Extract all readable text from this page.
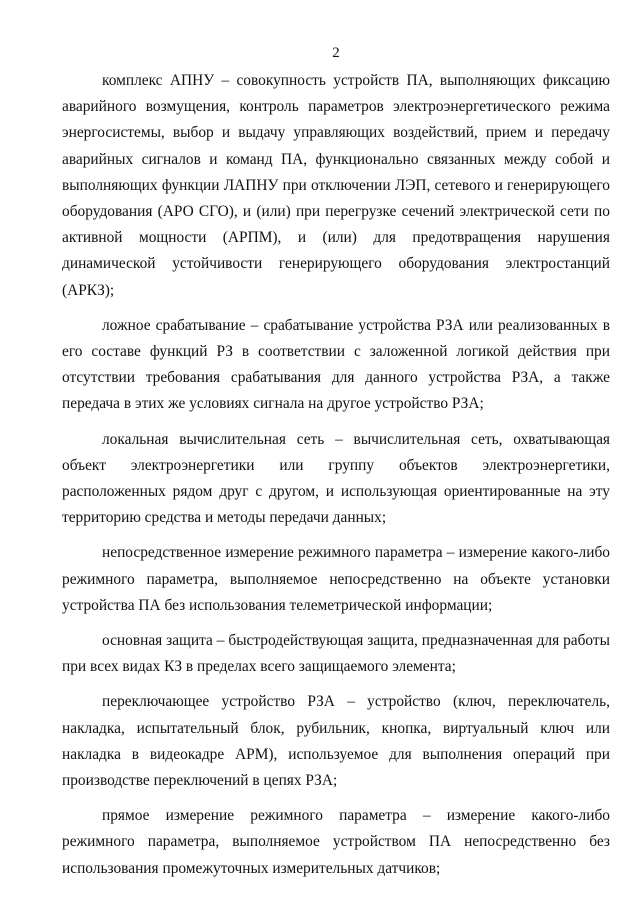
2

комплекс АПНУ – совокупность устройств ПА, выполняющих фиксацию аварийного возмущения, контроль параметров электроэнергетического режима энергосистемы, выбор и выдачу управляющих воздействий, прием и передачу аварийных сигналов и команд ПА, функционально связанных между собой и выполняющих функции ЛАПНУ при отключении ЛЭП, сетевого и генерирующего оборудования (АРО СГО), и (или) при перегрузке сечений электрической сети по активной мощности (АРПМ), и (или) для предотвращения нарушения динамической устойчивости генерирующего оборудования электростанций (АРКЗ);

ложное срабатывание – срабатывание устройства РЗА или реализованных в его составе функций РЗ в соответствии с заложенной логикой действия при отсутствии требования срабатывания для данного устройства РЗА, а также передача в этих же условиях сигнала на другое устройство РЗА;

локальная вычислительная сеть – вычислительная сеть, охватывающая объект электроэнергетики или группу объектов электроэнергетики, расположенных рядом друг с другом, и использующая ориентированные на эту территорию средства и методы передачи данных;

непосредственное измерение режимного параметра – измерение какого-либо режимного параметра, выполняемое непосредственно на объекте установки устройства ПА без использования телеметрической информации;

основная защита – быстродействующая защита, предназначенная для работы при всех видах КЗ в пределах всего защищаемого элемента;

переключающее устройство РЗА – устройство (ключ, переключатель, накладка, испытательный блок, рубильник, кнопка, виртуальный ключ или накладка в видеокадре АРМ), используемое для выполнения операций при производстве переключений в цепях РЗА;

прямое измерение режимного параметра – измерение какого-либо режимного параметра, выполняемое устройством ПА непосредственно без использования промежуточных измерительных датчиков;
